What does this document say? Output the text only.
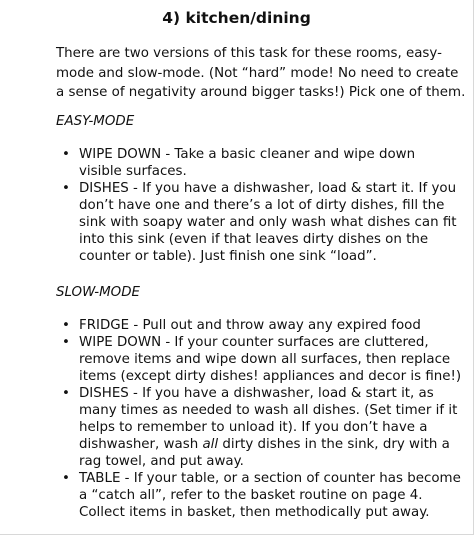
4) kitchen/dining

There are two versions of this task for these rooms, easy-

mode and slow-mode. (Not “hard” mode! No need to create

a sense of negativity around bigger tasks!) Pick one of them.

EASY-MODE
• WIPE DOWN - Take a basic cleaner and wipe down
visible surfaces.
• DISHES - If you have a dishwasher, load & start it. If you
don’t have one and there’s a lot of dirty dishes, fill the
sink with soapy water and only wash what dishes can fit
into this sink (even if that leaves dirty dishes on the
counter or table). Just finish one sink “load”.
SLOW-MODE
• FRIDGE - Pull out and throw away any expired food
• WIPE DOWN - If your counter surfaces are cluttered,
remove items and wipe down all surfaces, then replace
items (except dirty dishes! appliances and decor is fine!)
• DISHES - If you have a dishwasher, load & start it, as
many times as needed to wash all dishes. (Set timer if it
helps to remember to unload it). If you don’t have a
dishwasher, wash all dirty dishes in the sink, dry with a
rag towel, and put away.
• TABLE - If your table, or a section of counter has become
a “catch all”, refer to the basket routine on page 4.
Collect items in basket, then methodically put away.
